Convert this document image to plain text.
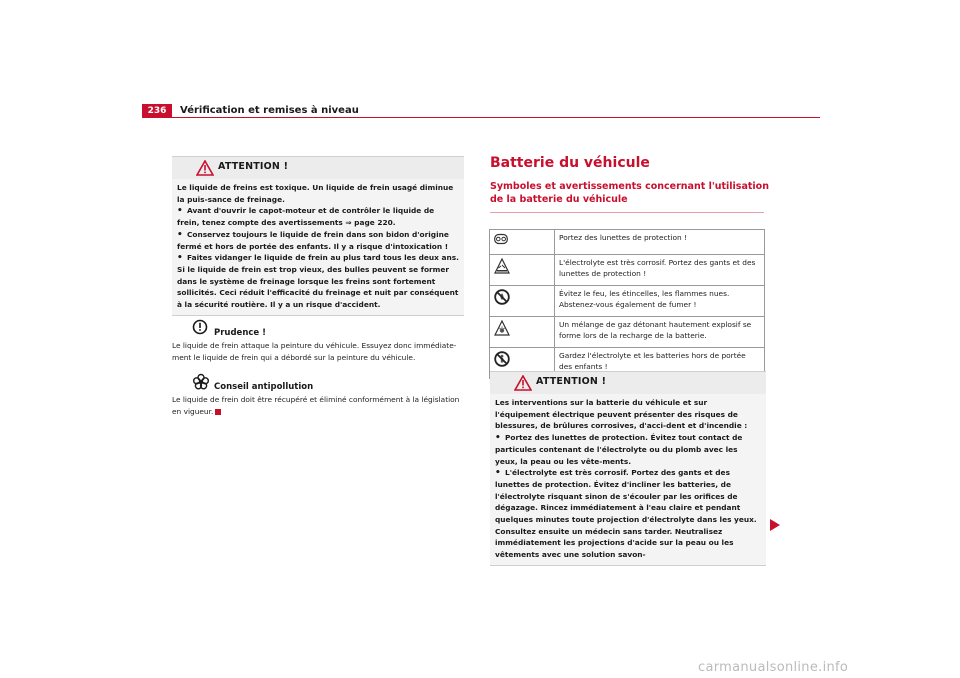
236	Vérification et remises à niveau
ATTENTION !

Le liquide de freins est toxique. Un liquide de frein usagé diminue la puis-sance de freinage.

• Avant d'ouvrir le capot-moteur et de contrôler le liquide de frein, tenez compte des avertissements ⇒ page 220.

• Conservez toujours le liquide de frein dans son bidon d'origine fermé et hors de portée des enfants. Il y a risque d'intoxication !

• Faites vidanger le liquide de frein au plus tard tous les deux ans. Si le liquide de frein est trop vieux, des bulles peuvent se former dans le système de freinage lorsque les freins sont fortement sollicités. Ceci réduit l'efficacité du freinage et nuit par conséquent à la sécurité routière. Il y a un risque d'accident.

Prudence !
Le liquide de frein attaque la peinture du véhicule. Essuyez donc immédiate-ment le liquide de frein qui a débordé sur la peinture du véhicule.
Conseil antipollution
Le liquide de frein doit être récupéré et éliminé conformément à la législation en vigueur.
Batterie du véhicule
Symboles et avertissements concernant l'utilisation de la batterie du véhicule
	Portez des lunettes de protection !
	L'électrolyte est très corrosif. Portez des gants et des lunettes de protection !
	Évitez le feu, les étincelles, les flammes nues. Abstenez-vous également de fumer !
	Un mélange de gaz détonant hautement explosif se forme lors de la recharge de la batterie.
	Gardez l'électrolyte et les batteries hors de portée des enfants !
ATTENTION !

Les interventions sur la batterie du véhicule et sur l'équipement électrique peuvent présenter des risques de blessures, de brûlures corrosives, d'acci-dent et d'incendie :

• Portez des lunettes de protection. Évitez tout contact de particules contenant de l'électrolyte ou du plomb avec les yeux, la peau ou les vête-ments.

• L'électrolyte est très corrosif. Portez des gants et des lunettes de protection. Évitez d'incliner les batteries, de l'électrolyte risquant sinon de s'écouler par les orifices de dégazage. Rincez immédiatement à l'eau claire et pendant quelques minutes toute projection d'électrolyte dans les yeux. Consultez ensuite un médecin sans tarder. Neutralisez immédiatement les projections d'acide sur la peau ou les vêtements avec une solution savon-

carmanualsonline.info
